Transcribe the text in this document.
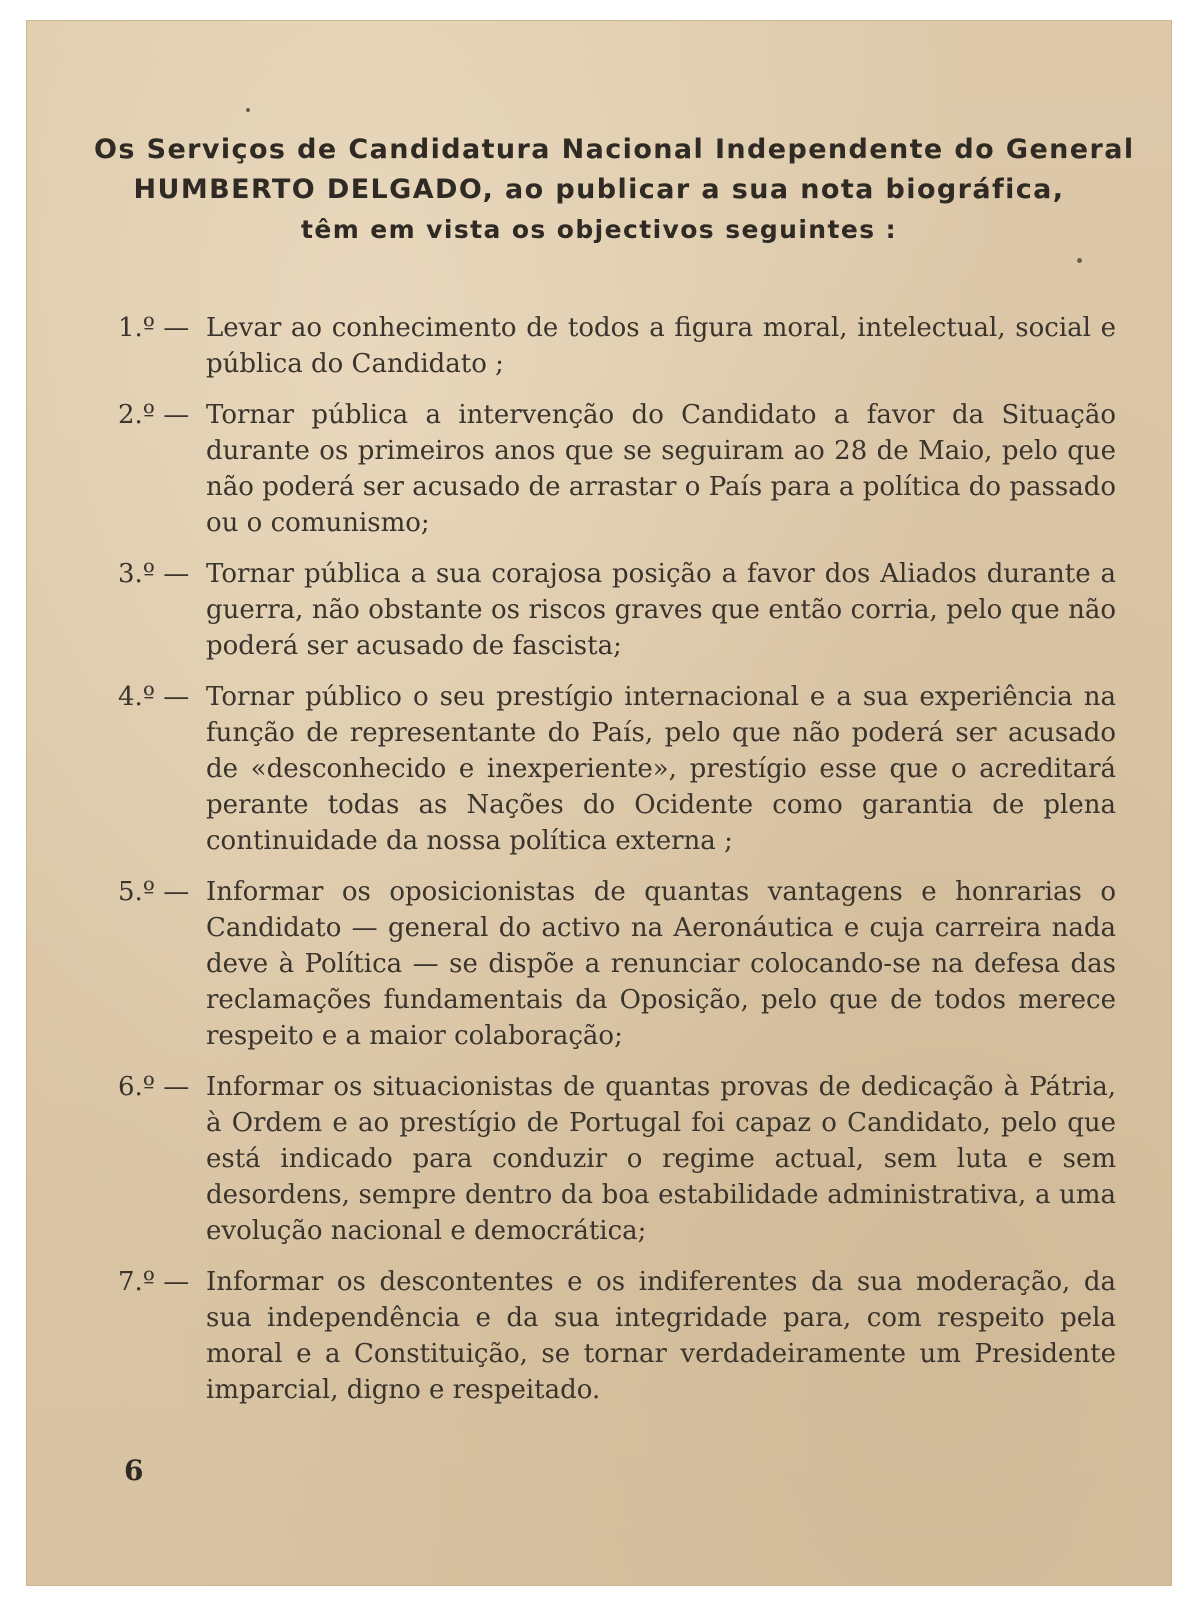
Os Serviços de Candidatura Nacional Independente do General
HUMBERTO DELGADO, ao publicar a sua nota biográfica,
têm em vista os objectivos seguintes :
1.º — Levar ao conhecimento de todos a figura moral, intelectual, social e pública do Candidato ;
2.º — Tornar pública a intervenção do Candidato a favor da Situação durante os primeiros anos que se seguiram ao 28 de Maio, pelo que não poderá ser acusado de arrastar o País para a política do passado ou o comunismo;
3.º — Tornar pública a sua corajosa posição a favor dos Aliados durante a guerra, não obstante os riscos graves que então corria, pelo que não poderá ser acusado de fascista;
4.º — Tornar público o seu prestígio internacional e a sua experiência na função de representante do País, pelo que não poderá ser acusado de «desconhecido e inexperiente», prestígio esse que o acreditará perante todas as Nações do Ocidente como garantia de plena continuidade da nossa política externa ;
5.º — Informar os oposicionistas de quantas vantagens e honrarias o Candidato — general do activo na Aeronáutica e cuja carreira nada deve à Política — se dispõe a renunciar colocando-se na defesa das reclamações fundamentais da Oposição, pelo que de todos merece respeito e a maior colaboração;
6.º — Informar os situacionistas de quantas provas de dedicação à Pátria, à Ordem e ao prestígio de Portugal foi capaz o Candidato, pelo que está indicado para conduzir o regime actual, sem luta e sem desordens, sempre dentro da boa estabilidade administrativa, a uma evolução nacional e democrática;
7.º — Informar os descontentes e os indiferentes da sua moderação, da sua independência e da sua integridade para, com respeito pela moral e a Constituição, se tornar verdadeiramente um Presidente imparcial, digno e respeitado.
6
